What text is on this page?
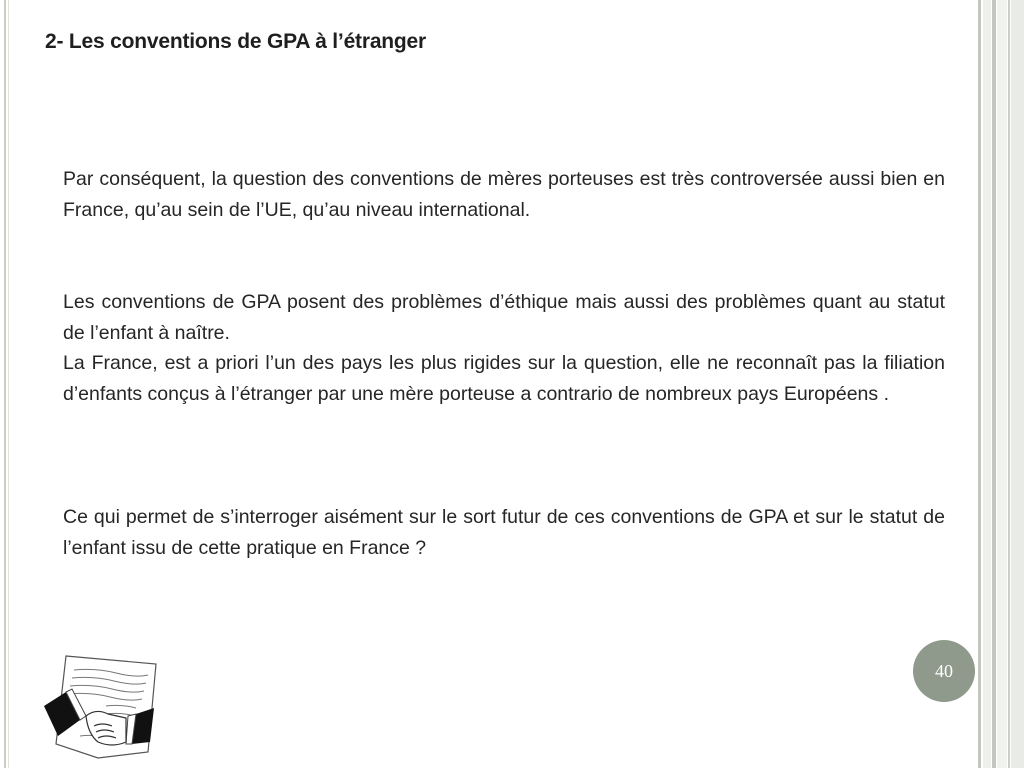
2- Les conventions de GPA à l’étranger

Par conséquent, la question des conventions de mères porteuses est très controversée aussi bien en France, qu’au sein de l’UE, qu’au niveau international.

Les conventions de GPA posent des problèmes d’éthique mais aussi des problèmes quant au statut de l’enfant à naître.

La France, est a priori l’un des pays les plus rigides sur la question, elle ne reconnaît pas la filiation d’enfants conçus à l’étranger par une mère porteuse a contrario de nombreux pays Européens .

Ce qui permet de s’interroger aisément sur le sort futur de ces conventions de GPA et sur le statut de l’enfant issu de cette pratique en France ?

40
